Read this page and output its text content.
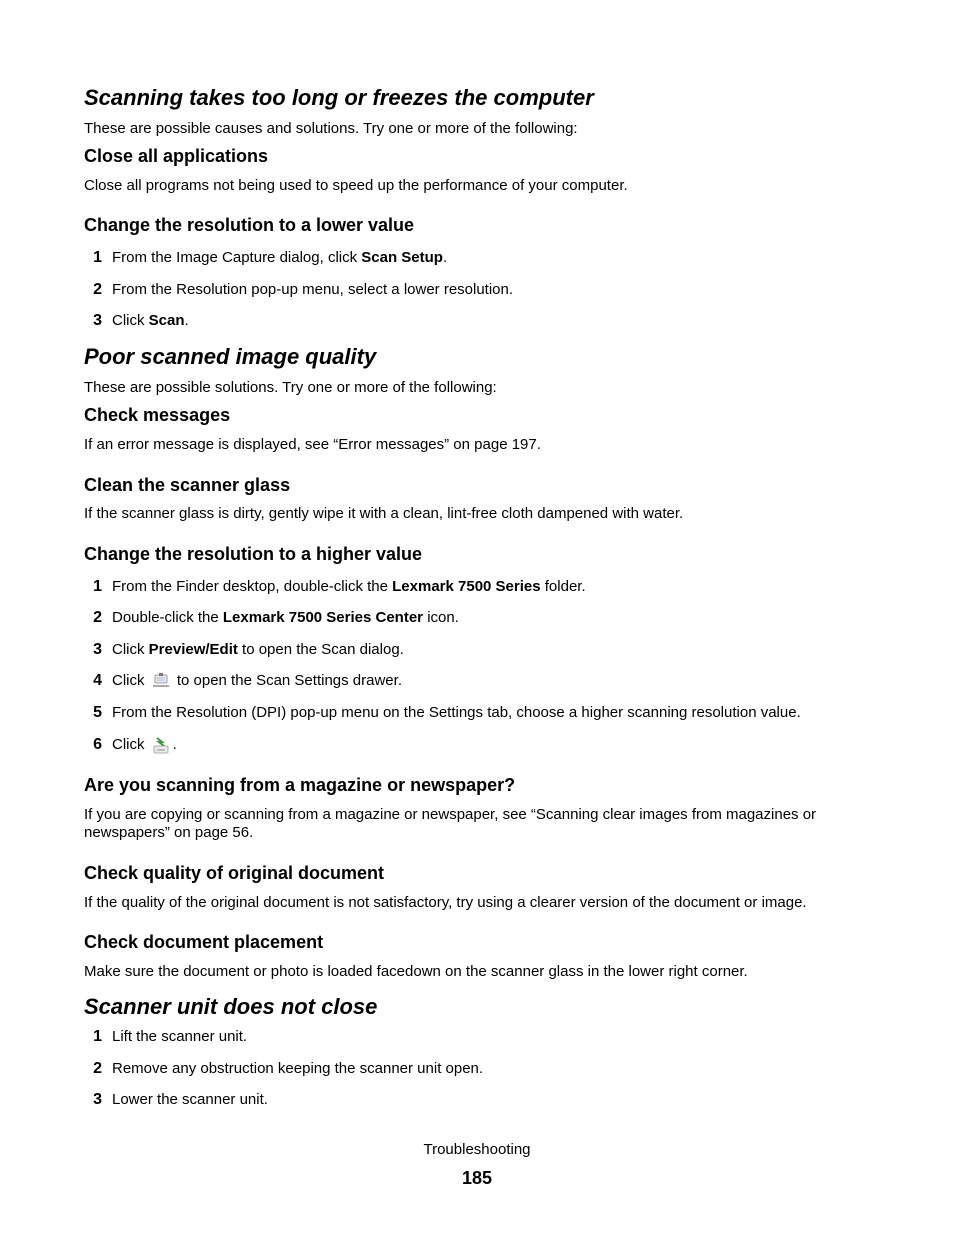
Scanning takes too long or freezes the computer
These are possible causes and solutions. Try one or more of the following:
Close all applications
Close all programs not being used to speed up the performance of your computer.
Change the resolution to a lower value
1 From the Image Capture dialog, click Scan Setup.
2 From the Resolution pop-up menu, select a lower resolution.
3 Click Scan.
Poor scanned image quality
These are possible solutions. Try one or more of the following:
Check messages
If an error message is displayed, see “Error messages” on page 197.
Clean the scanner glass
If the scanner glass is dirty, gently wipe it with a clean, lint-free cloth dampened with water.
Change the resolution to a higher value
1 From the Finder desktop, double-click the Lexmark 7500 Series folder.
2 Double-click the Lexmark 7500 Series Center icon.
3 Click Preview/Edit to open the Scan dialog.
4 Click  to open the Scan Settings drawer.
5 From the Resolution (DPI) pop-up menu on the Settings tab, choose a higher scanning resolution value.
6 Click .
Are you scanning from a magazine or newspaper?
If you are copying or scanning from a magazine or newspaper, see “Scanning clear images from magazines or newspapers” on page 56.
Check quality of original document
If the quality of the original document is not satisfactory, try using a clearer version of the document or image.
Check document placement
Make sure the document or photo is loaded facedown on the scanner glass in the lower right corner.
Scanner unit does not close
1 Lift the scanner unit.
2 Remove any obstruction keeping the scanner unit open.
3 Lower the scanner unit.
Troubleshooting
185
